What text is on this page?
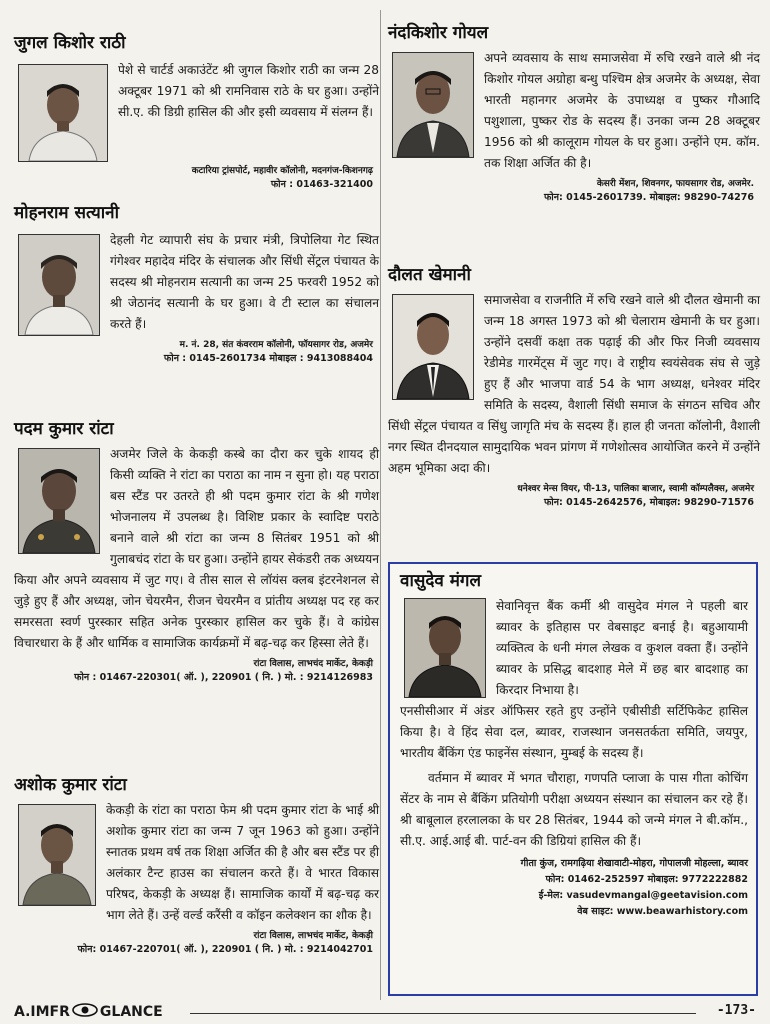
जुगल किशोर राठी

पेशे से चार्टर्ड अकाउंटेंट श्री जुगल किशोर राठी का जन्म 28 अक्टूबर 1971 को श्री रामनिवास राठे के घर हुआ। उन्होंने सी.ए. की डिग्री हासिल की और इसी व्यवसाय में संलग्न हैं।

कटारिया ट्रांसपोर्ट, महावीर कॉलोनी, मदनगंज-किशनगढ़

फोन : 01463-321400

मोहनराम सत्यानी

देहली गेट व्यापारी संघ के प्रचार मंत्री, त्रिपोलिया गेट स्थित गंगेश्वर महादेव मंदिर के संचालक और सिंधी सेंट्रल पंचायत के सदस्य श्री मोहनराम सत्यानी का जन्म 25 फरवरी 1952 को श्री जेठानंद सत्यानी के घर हुआ। वे टी स्टाल का संचालन करते हैं।

म. नं. 28, संत कंवरराम कॉलोनी, फॉयसागर रोड, अजमेर

फोन : 0145-2601734 मोबाइल : 9413088404

पदम कुमार रांटा

अजमेर जिले के केकड़ी कस्बे का दौरा कर चुके शायद ही किसी व्यक्ति ने रांटा का पराठा का नाम न सुना हो। यह पराठा बस स्टैंड पर उतरते ही श्री पदम कुमार रांटा के श्री गणेश भोजनालय में उपलब्ध है। विशिष्ट प्रकार के स्वादिष्ट पराठे बनाने वाले श्री रांटा का जन्म 8 सितंबर 1951 को श्री गुलाबचंद रांटा के घर हुआ। उन्होंने हायर सेकंडरी तक अध्ययन किया और अपने व्यवसाय में जुट गए। वे तीस साल से लॉयंस क्लब इंटरनेशनल से जुड़े हुए हैं और अध्यक्ष, जोन चेयरमैन, रीजन चेयरमैन व प्रांतीय अध्यक्ष पद रह कर समरसता स्वर्ण पुरस्कार सहित अनेक पुरस्कार हासिल कर चुके हैं। वे कांग्रेस विचारधारा के हैं और धार्मिक व सामाजिक कार्यक्रमों में बढ़-चढ़ कर हिस्सा लेते हैं।

रांटा विलास, लाभचंद मार्केट, केकड़ी

फोन : 01467-220301( ऑ. ), 220901 ( नि. ) मो. : 9214126983

अशोक कुमार रांटा

केकड़ी के रांटा का पराठा फेम श्री पदम कुमार रांटा के भाई श्री अशोक कुमार रांटा का जन्म 7 जून 1963 को हुआ। उन्होंने स्नातक प्रथम वर्ष तक शिक्षा अर्जित की है और बस स्टैंड पर ही अलंकार टैन्ट हाउस का संचालन करते हैं। वे भारत विकास परिषद, केकड़ी के अध्यक्ष हैं। सामाजिक कार्यों में बढ़-चढ़ कर भाग लेते हैं। उन्हें वर्ल्ड करैंसी व कॉइन कलेक्शन का शौक है।

रांटा विलास, लाभचंद मार्केट, केकड़ी

फोन: 01467-220701( ऑ. ), 220901 ( नि. ) मो. : 9214042701

नंदकिशोर गोयल

अपने व्यवसाय के साथ समाजसेवा में रुचि रखने वाले श्री नंद किशोर गोयल अग्रोहा बन्धु पश्चिम क्षेत्र अजमेर के अध्यक्ष, सेवा भारती महानगर अजमेर के उपाध्यक्ष व पुष्कर गौआदि पशुशाला, पुष्कर रोड के सदस्य हैं। उनका जन्म 28 अक्टूबर 1956 को श्री कालूराम गोयल के घर हुआ। उन्होंने एम. कॉम. तक शिक्षा अर्जित की है।

केसरी मेंशन, शिवनगर, फायसागर रोड, अजमेर.

फोन: 0145-2601739. मोबाइल: 98290-74276

दौलत खेमानी

समाजसेवा व राजनीति में रुचि रखने वाले श्री दौलत खेमानी का जन्म 18 अगस्त 1973 को श्री चेलाराम खेमानी के घर हुआ। उन्होंने दसवीं कक्षा तक पढ़ाई की और फिर निजी व्यवसाय रेडीमेड गारमेंट्स में जुट गए। वे राष्ट्रीय स्वयंसेवक संघ से जुड़े हुए हैं और भाजपा वार्ड 54 के भाग अध्यक्ष, धनेश्वर मंदिर समिति के सदस्य, वैशाली सिंधी समाज के संगठन सचिव और सिंधी सेंट्रल पंचायत व सिंधु जागृति मंच के सदस्य हैं। हाल ही जनता कॉलोनी, वैशाली नगर स्थित दीनदयाल सामुदायिक भवन प्रांगण में गणेशोत्सव आयोजित करने में उन्होंने अहम भूमिका अदा की।

धनेश्वर मेन्स वियर, पी-13, पालिका बाजार, स्वामी कॉम्पलैक्स, अजमेर

फोन: 0145-2642576, मोबाइल: 98290-71576

वासुदेव मंगल

सेवानिवृत्त बैंक कर्मी श्री वासुदेव मंगल ने पहली बार ब्यावर के इतिहास पर वेबसाइट बनाई है। बहुआयामी व्यक्तित्व के धनी मंगल लेखक व कुशल वक्ता हैं। उन्होंने ब्यावर के प्रसिद्ध बादशाह मेले में छह बार बादशाह का किरदार निभाया है।

एनसीसीआर में अंडर ऑफिसर रहते हुए उन्होंने एबीसीडी सर्टिफिकेट हासिल किया है। वे हिंद सेवा दल, ब्यावर, राजस्थान जनसतर्कता समिति, जयपुर, भारतीय बैंकिंग एंड फाइनेंस संस्थान, मुम्बई के सदस्य हैं।

वर्तमान में ब्यावर में भगत चौराहा, गणपति प्लाजा के पास गीता कोचिंग सेंटर के नाम से बैंकिंग प्रतियोगी परीक्षा अध्ययन संस्थान का संचालन कर रहे हैं। श्री बाबूलाल हरलालका के घर 28 सितंबर, 1944 को जन्मे मंगल ने बी.कॉम., सी.ए. आई.आई बी. पार्ट-वन की डिग्रियां हासिल की हैं।

गीता कुंज, रामगढ़िया शेखावाटी-मोहरा, गोपालजी मोहल्ला, ब्यावर

फोन: 01462-252597 मोबाइल: 9772222882

ई-मेल: vasudevmangal@geetavision.com

वेब साइट: www.beawarhistory.com

A.IMFR GLANCE	-173-
